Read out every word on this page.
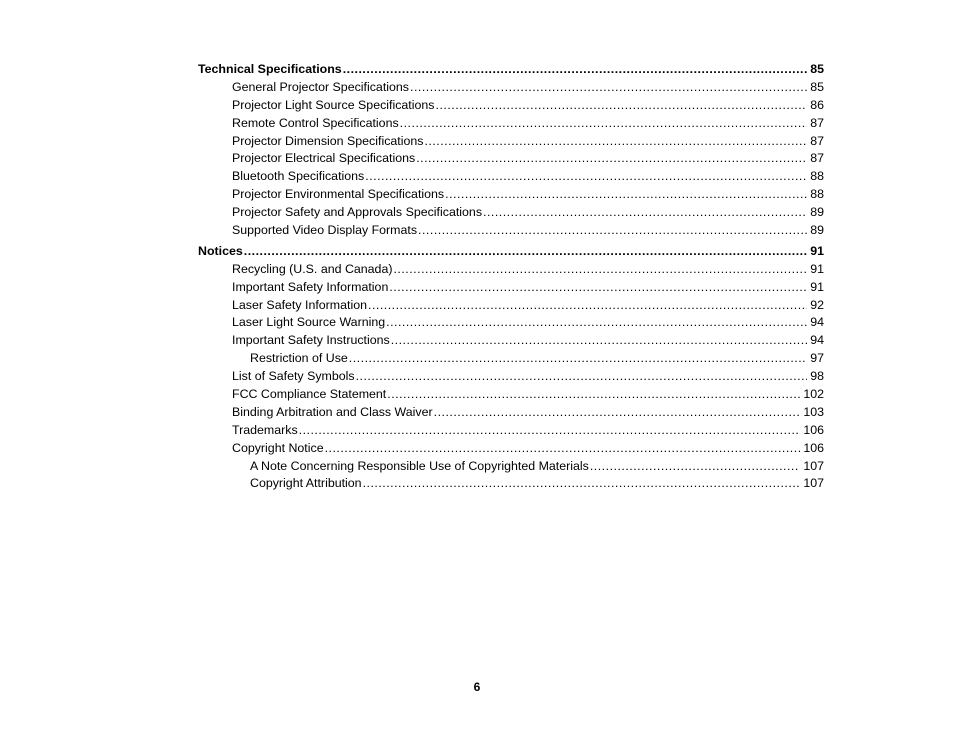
Technical Specifications .....	85
General Projector Specifications .....	85
Projector Light Source Specifications .....	86
Remote Control Specifications .....	87
Projector Dimension Specifications .....	87
Projector Electrical Specifications .....	87
Bluetooth Specifications .....	88
Projector Environmental Specifications .....	88
Projector Safety and Approvals Specifications .....	89
Supported Video Display Formats .....	89
Notices .....	91
Recycling (U.S. and Canada) .....	91
Important Safety Information .....	91
Laser Safety Information .....	92
Laser Light Source Warning .....	94
Important Safety Instructions .....	94
Restriction of Use .....	97
List of Safety Symbols .....	98
FCC Compliance Statement .....	102
Binding Arbitration and Class Waiver .....	103
Trademarks .....	106
Copyright Notice .....	106
A Note Concerning Responsible Use of Copyrighted Materials .....	107
Copyright Attribution .....	107
6
